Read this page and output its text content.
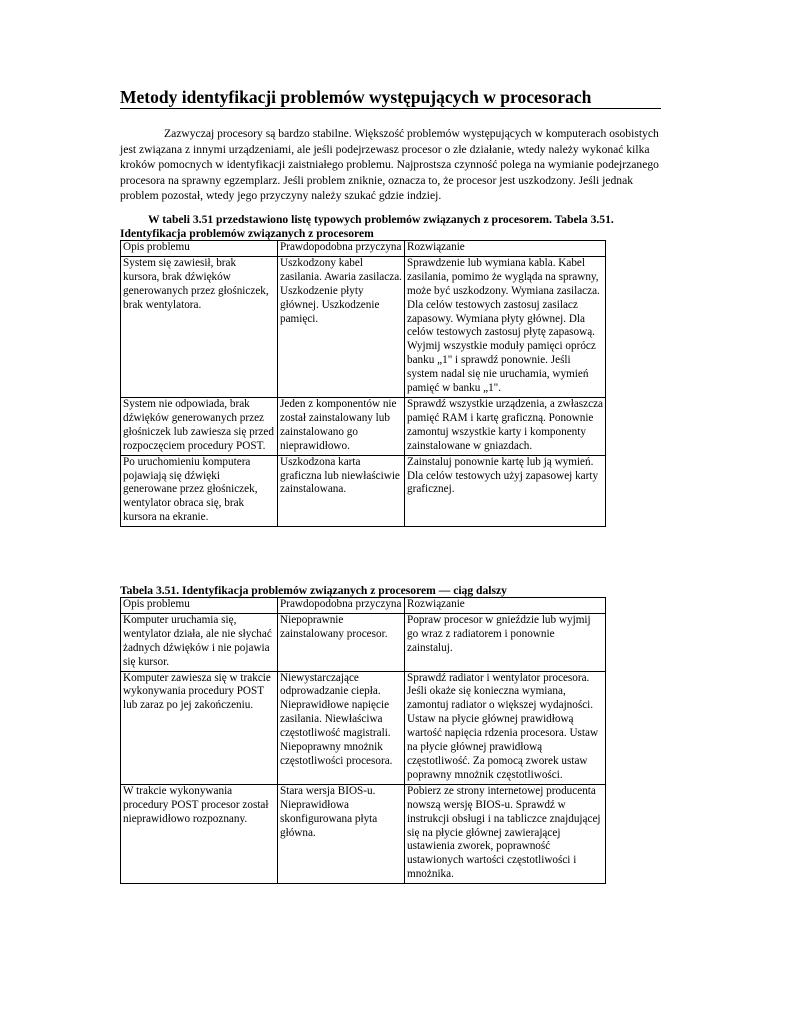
Metody identyfikacji problemów występujących w procesorach

Zazwyczaj procesory są bardzo stabilne. Większość problemów występujących w komputerach osobistych jest związana z innymi urządzeniami, ale jeśli podejrzewasz procesor o złe działanie, wtedy należy wykonać kilka kroków pomocnych w identyfikacji zaistniałego problemu. Najprostsza czynność polega na wymianie podejrzanego procesora na sprawny egzemplarz. Jeśli problem zniknie, oznacza to, że procesor jest uszkodzony. Jeśli jednak problem pozostał, wtedy jego przyczyny należy szukać gdzie indziej.

W tabeli 3.51 przedstawiono listę typowych problemów związanych z procesorem. Tabela 3.51. Identyfikacja problemów związanych z procesorem

Opis problemu	Prawdopodobna przyczyna	Rozwiązanie
System się zawiesił, brak kursora, brak dźwięków generowanych przez głośniczek, brak wentylatora.	Uszkodzony kabel zasilania. Awaria zasilacza. Uszkodzenie płyty głównej. Uszkodzenie pamięci.	Sprawdzenie lub wymiana kabla. Kabel zasilania, pomimo że wygląda na sprawny, może być uszkodzony. Wymiana zasilacza. Dla celów testowych zastosuj zasilacz zapasowy. Wymiana płyty głównej. Dla celów testowych zastosuj płytę zapasową. Wyjmij wszystkie moduły pamięci oprócz banku „1" i sprawdź ponownie. Jeśli system nadal się nie uruchamia, wymień pamięć w banku „1".
System nie odpowiada, brak dźwięków generowanych przez głośniczek lub zawiesza się przed rozpoczęciem procedury POST.	Jeden z komponentów nie został zainstalowany lub zainstalowano go nieprawidłowo.	Sprawdź wszystkie urządzenia, a zwłaszcza pamięć RAM i kartę graficzną. Ponownie zamontuj wszystkie karty i komponenty zainstalowane w gniazdach.
Po uruchomieniu komputera pojawiają się dźwięki generowane przez głośniczek, wentylator obraca się, brak kursora na ekranie.	Uszkodzona karta graficzna lub niewłaściwie zainstalowana.	Zainstaluj ponownie kartę lub ją wymień. Dla celów testowych użyj zapasowej karty graficznej.

Tabela 3.51. Identyfikacja problemów związanych z procesorem — ciąg dalszy

Opis problemu	Prawdopodobna przyczyna	Rozwiązanie
Komputer uruchamia się, wentylator działa, ale nie słychać żadnych dźwięków i nie pojawia się kursor.	Niepoprawnie zainstalowany procesor.	Popraw procesor w gnieździe lub wyjmij go wraz z radiatorem i ponownie zainstaluj.
Komputer zawiesza się w trakcie wykonywania procedury POST lub zaraz po jej zakończeniu.	Niewystarczające odprowadzanie ciepła. Nieprawidłowe napięcie zasilania. Niewłaściwa częstotliwość magistrali. Niepoprawny mnożnik częstotliwości procesora.	Sprawdź radiator i wentylator procesora. Jeśli okaże się konieczna wymiana, zamontuj radiator o większej wydajności. Ustaw na płycie głównej prawidłową wartość napięcia rdzenia procesora. Ustaw na płycie głównej prawidłową częstotliwość. Za pomocą zworek ustaw poprawny mnożnik częstotliwości.
W trakcie wykonywania procedury POST procesor został nieprawidłowo rozpoznany.	Stara wersja BIOS-u. Nieprawidłowa skonfigurowana płyta główna.	Pobierz ze strony internetowej producenta nowszą wersję BIOS-u. Sprawdź w instrukcji obsługi i na tabliczce znajdującej się na płycie głównej zawierającej ustawienia zworek, poprawność ustawionych wartości częstotliwości i mnożnika.
